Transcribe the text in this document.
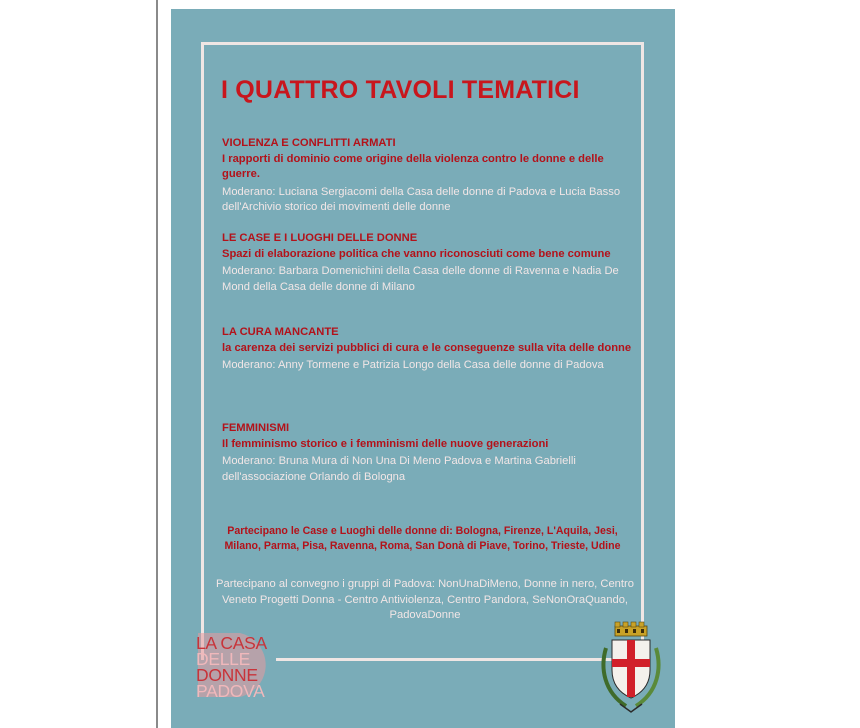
I QUATTRO TAVOLI TEMATICI
VIOLENZA E CONFLITTI ARMATI
I rapporti di dominio come origine della violenza contro le donne e delle guerre.
Moderano: Luciana Sergiacomi della Casa delle donne di Padova e Lucia Basso dell'Archivio storico dei movimenti delle donne
LE CASE E I LUOGHI DELLE DONNE
Spazi di elaborazione politica che vanno riconosciuti come bene comune
Moderano: Barbara Domenichini della Casa delle donne di Ravenna e Nadia De Mond della Casa delle donne di Milano
LA CURA MANCANTE
la carenza dei servizi pubblici di cura e le conseguenze sulla vita delle donne
Moderano: Anny Tormene e Patrizia Longo della Casa delle donne di Padova
FEMMINISMI
Il femminismo storico e i femminismi delle nuove generazioni
Moderano: Bruna Mura di Non Una Di Meno Padova e Martina Gabrielli dell'associazione Orlando di Bologna
Partecipano le Case e Luoghi delle donne di: Bologna, Firenze, L'Aquila, Jesi, Milano, Parma, Pisa, Ravenna, Roma, San Donà di Piave, Torino, Trieste, Udine
Partecipano al convegno i gruppi di Padova: NonUnaDiMeno, Donne in nero, Centro Veneto Progetti Donna - Centro Antiviolenza, Centro Pandora, SeNonOraQuando, PadovaDonne
LA CASA
DELLE
DONNE
PADOVA
